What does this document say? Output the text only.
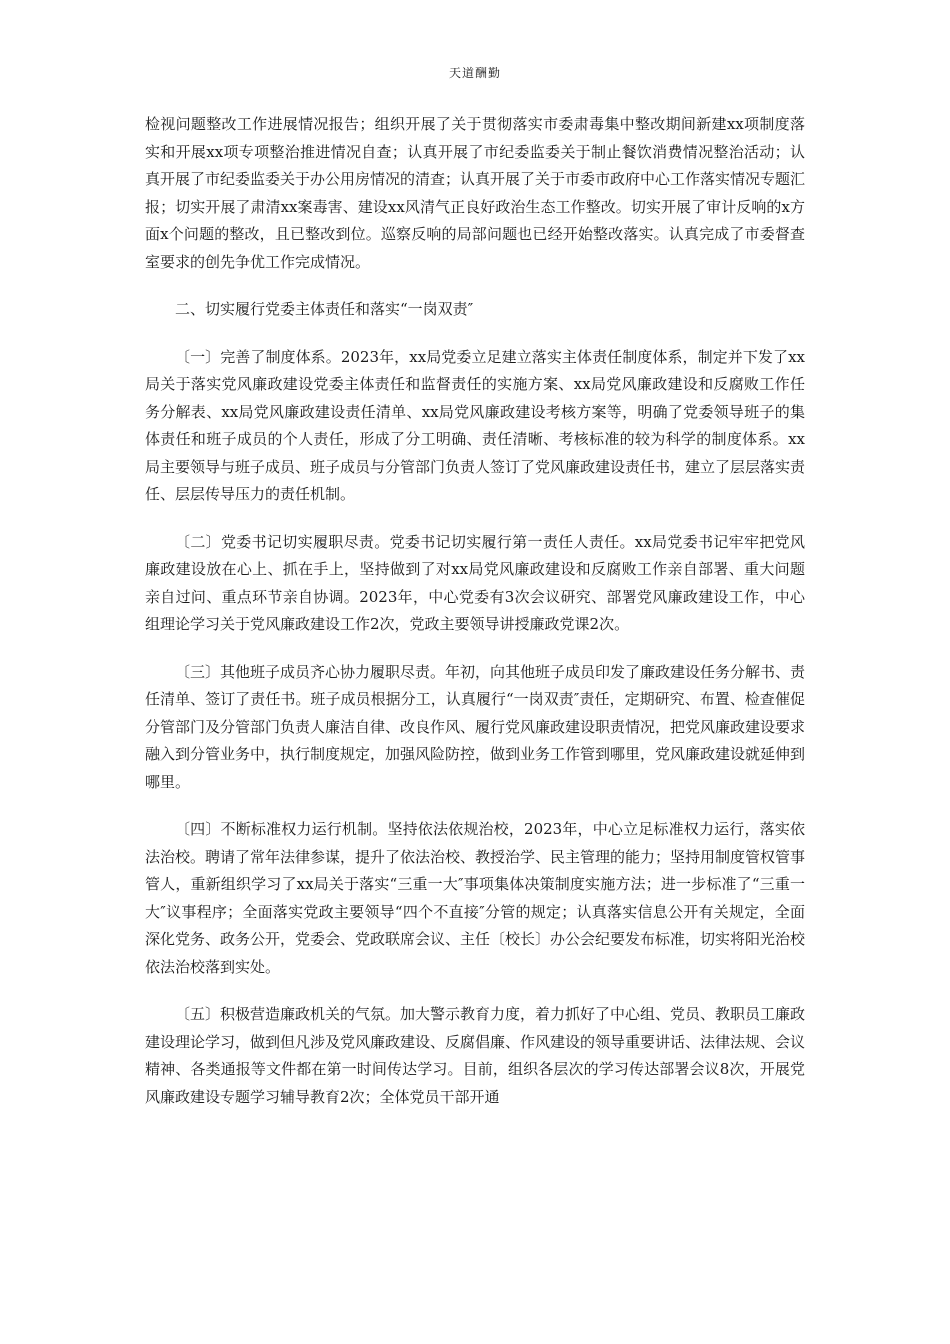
天道酬勤

检视问题整改工作进展情况报告；组织开展了关于贯彻落实市委肃毒集中整改期间新建xx项制度落实和开展xx项专项整治推进情况自查；认真开展了市纪委监委关于制止餐饮消费情况整治活动；认真开展了市纪委监委关于办公用房情况的清查；认真开展了关于市委市政府中心工作落实情况专题汇报；切实开展了肃清xx案毒害、建设xx风清气正良好政治生态工作整改。切实开展了审计反响的x方面x个问题的整改，且已整改到位。巡察反响的局部问题也已经开始整改落实。认真完成了市委督查室要求的创先争优工作完成情况。

二、切实履行党委主体责任和落实“一岗双责″

〔一〕完善了制度体系。2023年，xx局党委立足建立落实主体责任制度体系，制定并下发了xx局关于落实党风廉政建设党委主体责任和监督责任的实施方案、xx局党风廉政建设和反腐败工作任务分解表、xx局党风廉政建设责任清单、xx局党风廉政建设考核方案等，明确了党委领导班子的集体责任和班子成员的个人责任，形成了分工明确、责任清晰、考核标准的较为科学的制度体系。xx局主要领导与班子成员、班子成员与分管部门负责人签订了党风廉政建设责任书，建立了层层落实责任、层层传导压力的责任机制。

〔二〕党委书记切实履职尽责。党委书记切实履行第一责任人责任。xx局党委书记牢牢把党风廉政建设放在心上、抓在手上，坚持做到了对xx局党风廉政建设和反腐败工作亲自部署、重大问题亲自过问、重点环节亲自协调。2023年，中心党委有3次会议研究、部署党风廉政建设工作，中心组理论学习关于党风廉政建设工作2次，党政主要领导讲授廉政党课2次。

〔三〕其他班子成员齐心协力履职尽责。年初，向其他班子成员印发了廉政建设任务分解书、责任清单、签订了责任书。班子成员根据分工，认真履行“一岗双责″责任，定期研究、布置、检查催促分管部门及分管部门负责人廉洁自律、改良作风、履行党风廉政建设职责情况，把党风廉政建设要求融入到分管业务中，执行制度规定，加强风险防控，做到业务工作管到哪里，党风廉政建设就延伸到哪里。

〔四〕不断标准权力运行机制。坚持依法依规治校，2023年，中心立足标准权力运行，落实依法治校。聘请了常年法律参谋，提升了依法治校、教授治学、民主管理的能力；坚持用制度管权管事管人，重新组织学习了xx局关于落实“三重一大″事项集体决策制度实施方法；进一步标准了“三重一大″议事程序；全面落实党政主要领导“四个不直接″分管的规定；认真落实信息公开有关规定，全面深化党务、政务公开，党委会、党政联席会议、主任〔校长〕办公会纪要发布标准，切实将阳光治校依法治校落到实处。

〔五〕积极营造廉政机关的气氛。加大警示教育力度，着力抓好了中心组、党员、教职员工廉政建设理论学习，做到但凡涉及党风廉政建设、反腐倡廉、作风建设的领导重要讲话、法律法规、会议精神、各类通报等文件都在第一时间传达学习。目前，组织各层次的学习传达部署会议8次，开展党风廉政建设专题学习辅导教育2次；全体党员干部开通
